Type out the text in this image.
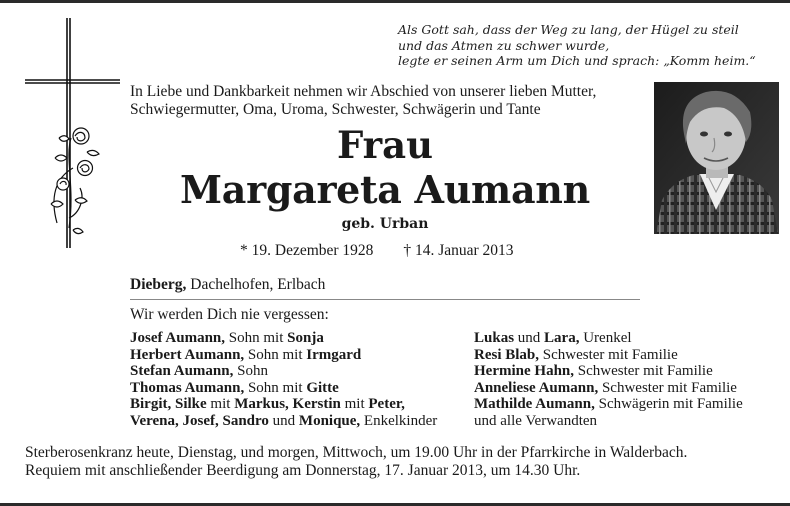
Als Gott sah, dass der Weg zu lang, der Hügel zu steil
und das Atmen zu schwer wurde,
legte er seinen Arm um Dich und sprach: „Komm heim.“
In Liebe und Dankbarkeit nehmen wir Abschied von unserer lieben Mutter,
Schwiegermutter, Oma, Uroma, Schwester, Schwägerin und Tante
Frau
Margareta Aumann
geb. Urban
* 19. Dezember 1928 † 14. Januar 2013
Dieberg, Dachelhofen, Erlbach
Wir werden Dich nie vergessen:
Josef Aumann, Sohn mit Sonja
Herbert Aumann, Sohn mit Irmgard
Stefan Aumann, Sohn
Thomas Aumann, Sohn mit Gitte
Birgit, Silke mit Markus, Kerstin mit Peter,
Verena, Josef, Sandro und Monique, Enkelkinder
Lukas und Lara, Urenkel
Resi Blab, Schwester mit Familie
Hermine Hahn, Schwester mit Familie
Anneliese Aumann, Schwester mit Familie
Mathilde Aumann, Schwägerin mit Familie
und alle Verwandten
Sterberosenkranz heute, Dienstag, und morgen, Mittwoch, um 19.00 Uhr in der Pfarrkirche in Walderbach.
Requiem mit anschließender Beerdigung am Donnerstag, 17. Januar 2013, um 14.30 Uhr.
